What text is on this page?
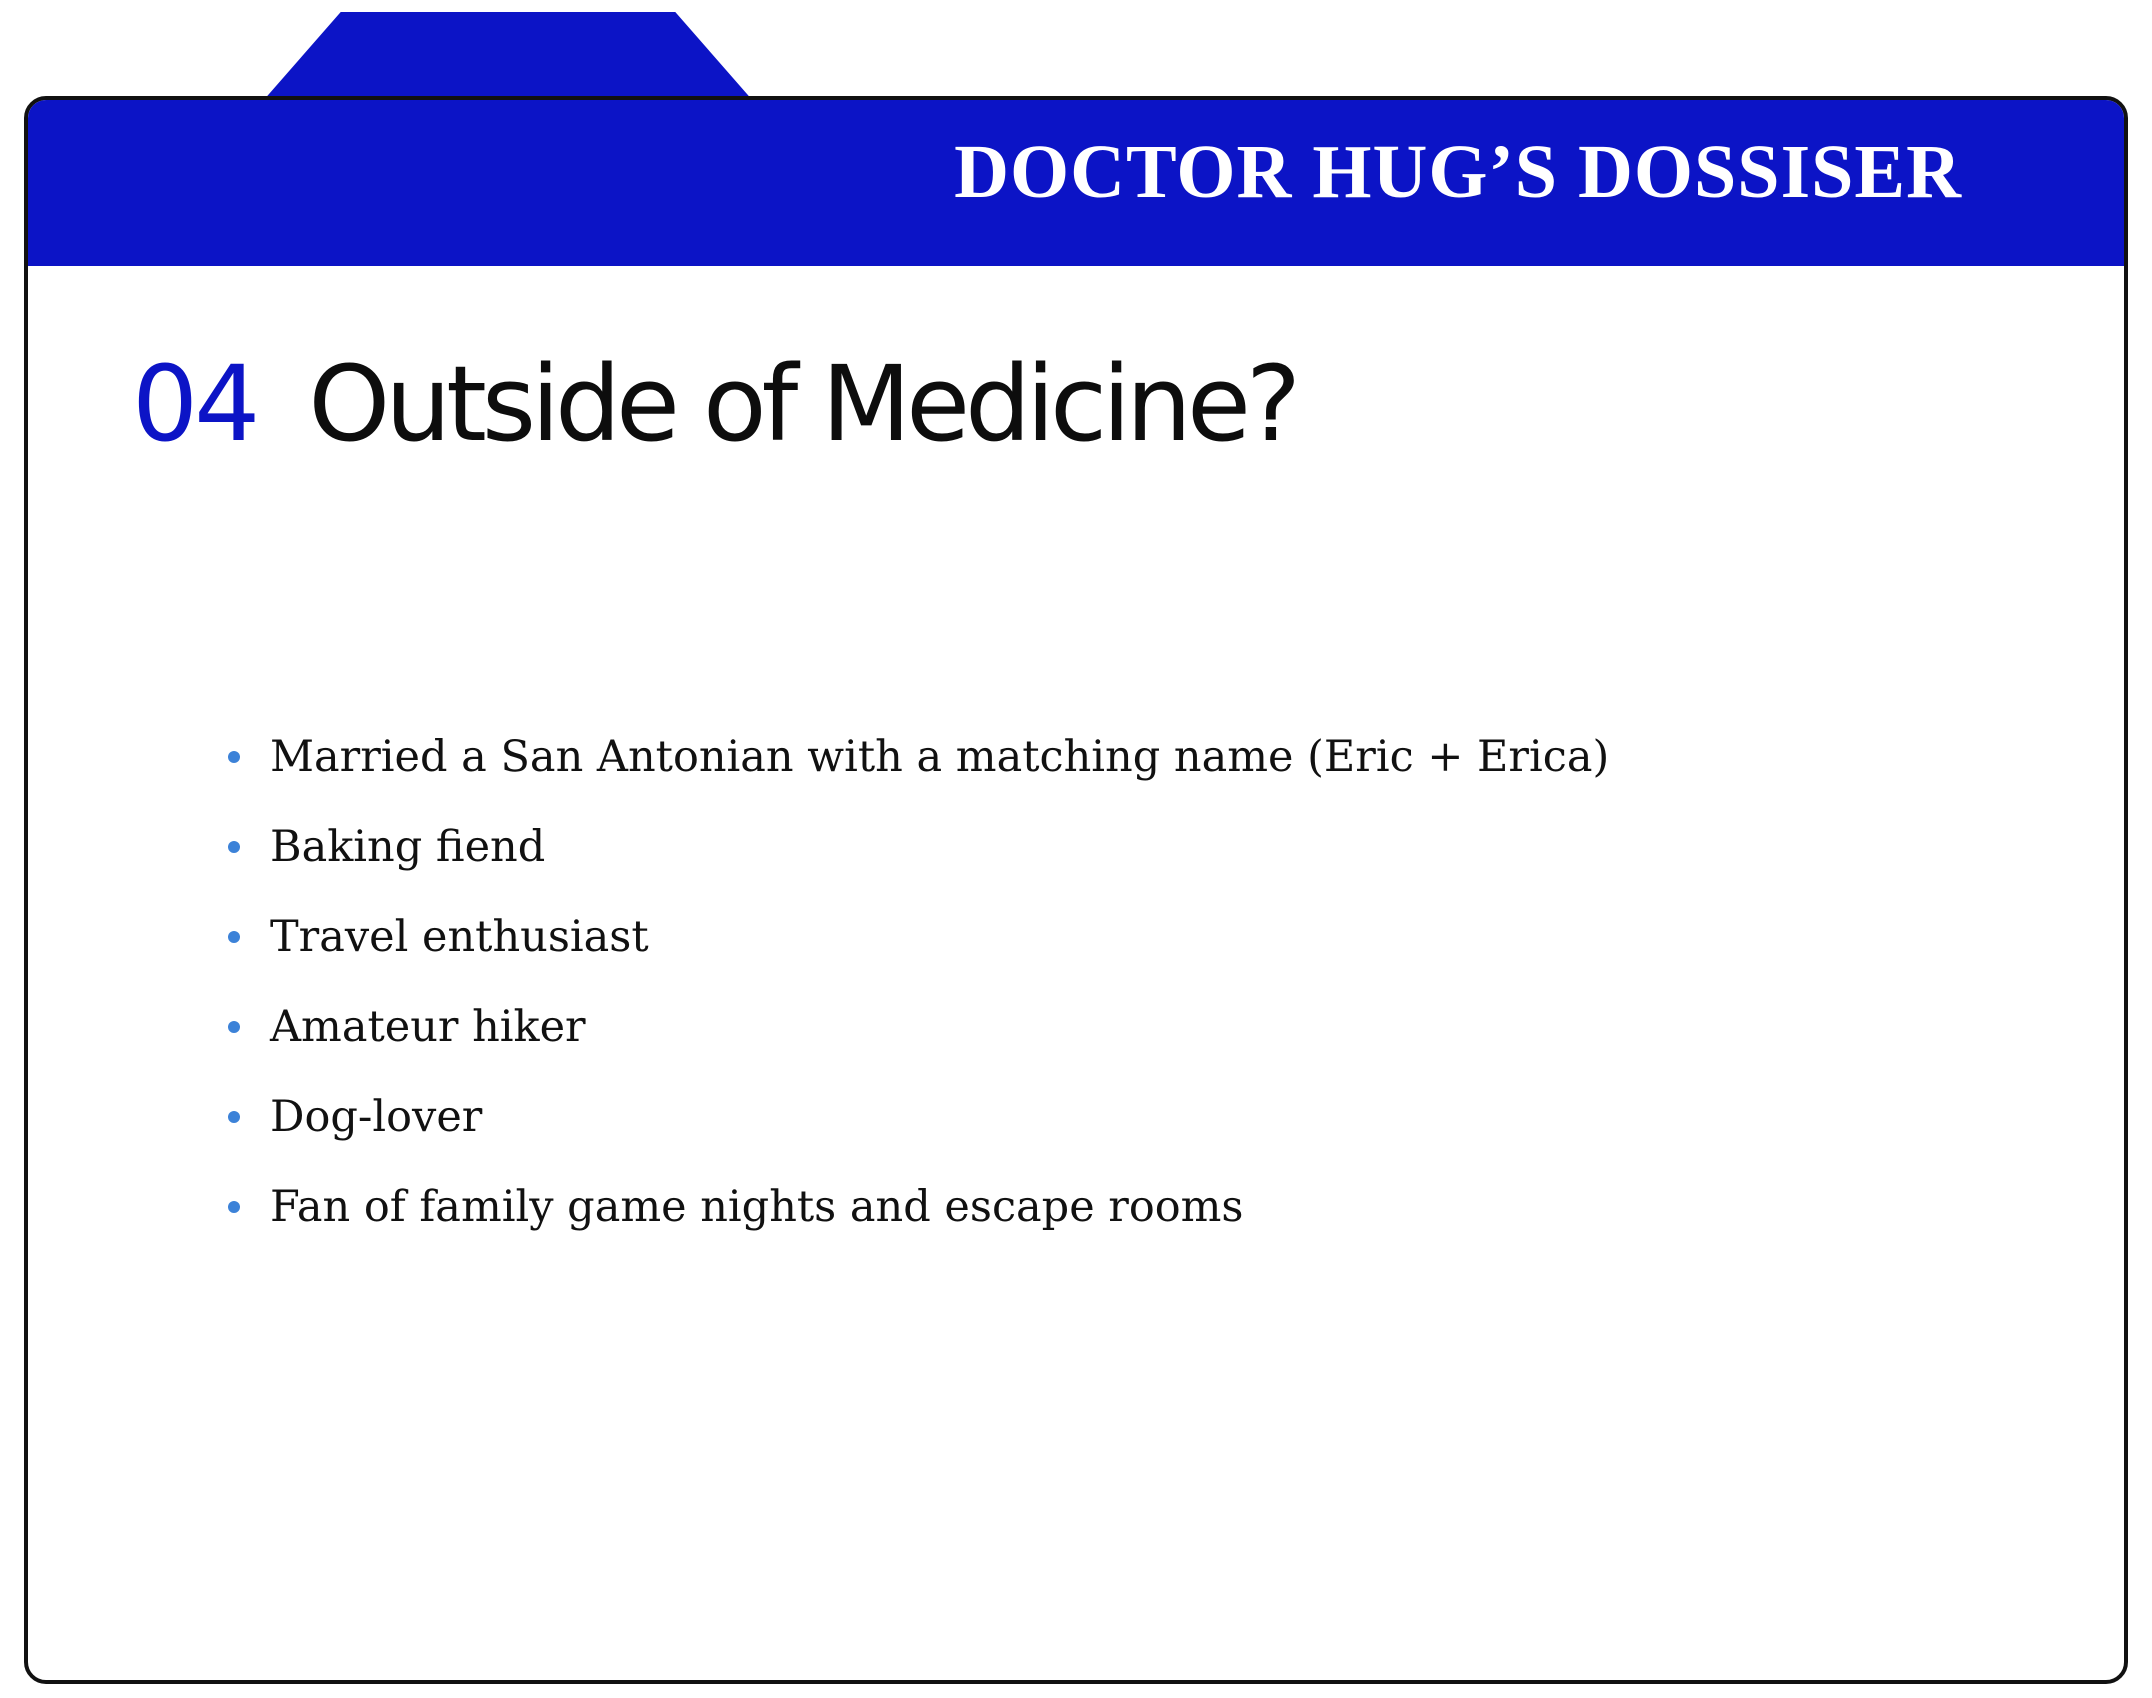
DOCTOR HUG’S DOSSISER
04 Outside of Medicine?
Married a San Antonian with a matching name (Eric + Erica)
Baking fiend
Travel enthusiast
Amateur hiker
Dog-lover
Fan of family game nights and escape rooms
